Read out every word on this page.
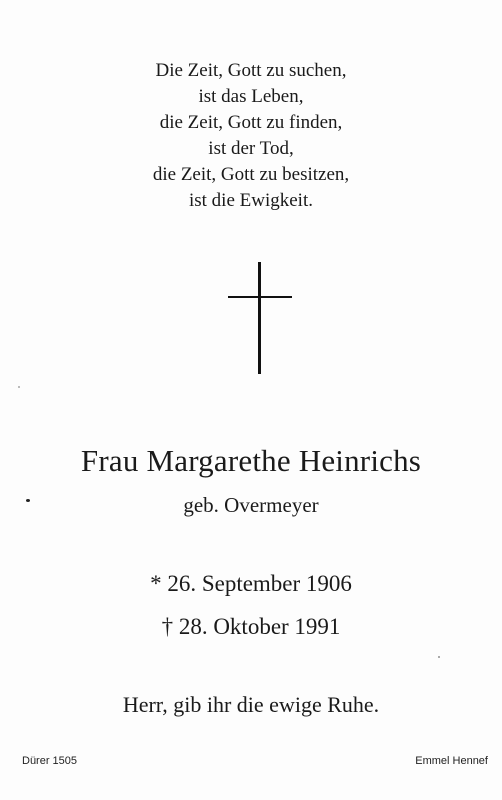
Die Zeit, Gott zu suchen,
ist das Leben,
die Zeit, Gott zu finden,
ist der Tod,
die Zeit, Gott zu besitzen,
ist die Ewigkeit.
Frau Margarethe Heinrichs
geb. Overmeyer
* 26. September 1906
† 28. Oktober 1991
Herr, gib ihr die ewige Ruhe.
Dürer 1505	Emmel Hennef
